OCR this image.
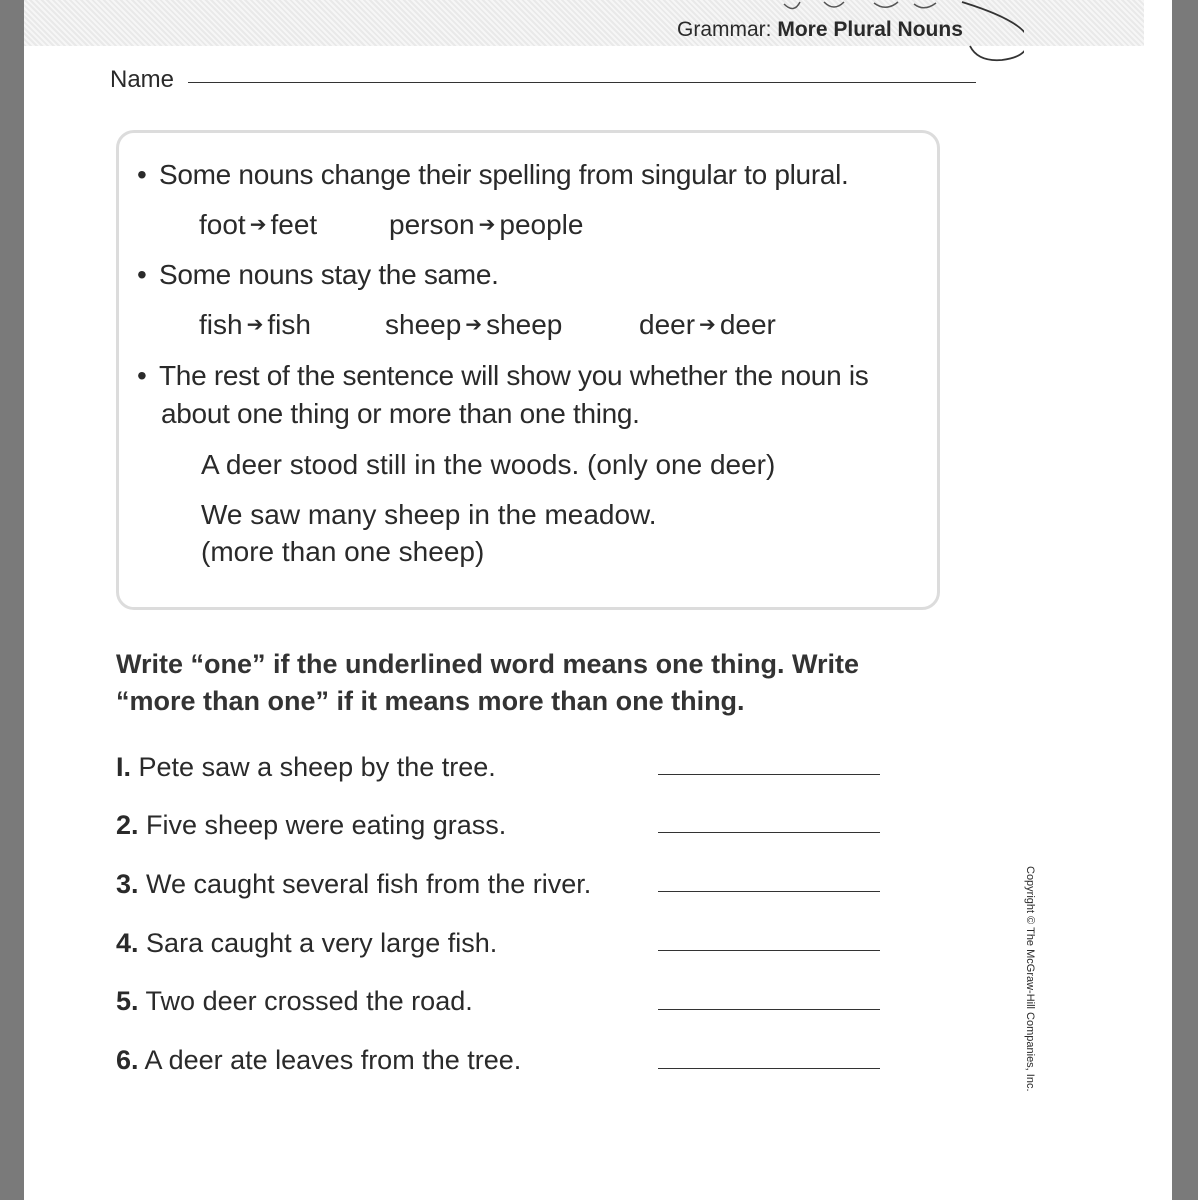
Grammar: More Plural Nouns
Name
• Some nouns change their spelling from singular to plural.
foot ➔ feet	person ➔ people
• Some nouns stay the same.
fish ➔ fish	sheep ➔ sheep	deer ➔ deer
• The rest of the sentence will show you whether the noun is
about one thing or more than one thing.
A deer stood still in the woods. (only one deer)
We saw many sheep in the meadow.
(more than one sheep)
Write “one” if the underlined word means one thing. Write “more than one” if it means more than one thing.
I. Pete saw a sheep by the tree.
2. Five sheep were eating grass.
3. We caught several fish from the river.
4. Sara caught a very large fish.
5. Two deer crossed the road.
6. A deer ate leaves from the tree.	Copyright © The McGraw-Hill Companies, Inc.
